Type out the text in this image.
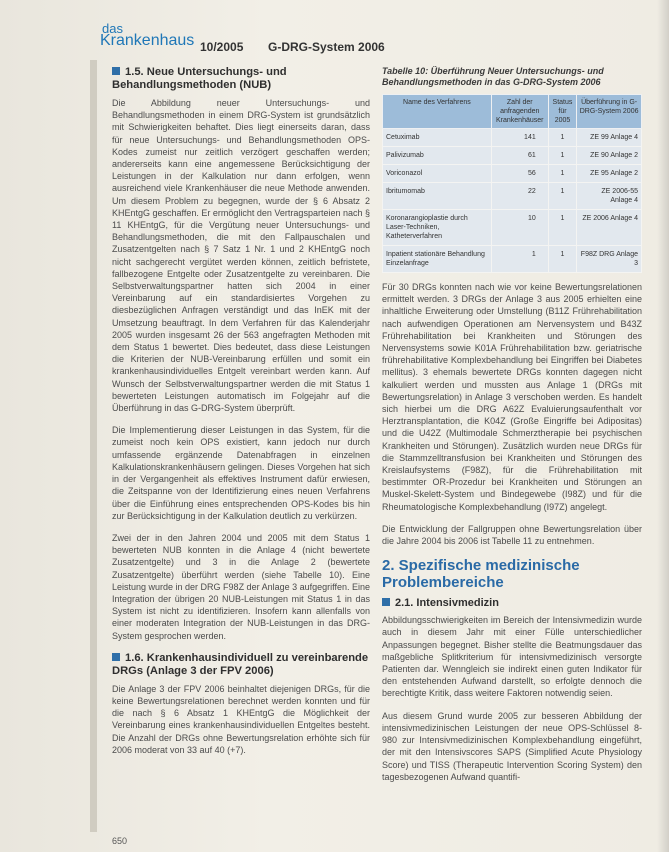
das
Krankenhaus 10/2005 G-DRG-System 2006
1.5. Neue Untersuchungs- und Behandlungsmethoden (NUB)

Die Abbildung neuer Untersuchungs- und Behandlungsmethoden in einem DRG-System ist grundsätzlich mit Schwierigkeiten behaftet. Dies liegt einerseits daran, dass für neue Untersuchungs- und Behandlungsmethoden OPS-Kodes zumeist nur zeitlich verzögert geschaffen werden; andererseits kann eine angemessene Berücksichtigung der Leistungen in der Kalkulation nur dann erfolgen, wenn ausreichend viele Krankenhäuser die neue Methode anwenden. Um diesem Problem zu begegnen, wurde der § 6 Absatz 2 KHEntgG geschaffen. Er ermöglicht den Vertragsparteien nach § 11 KHEntgG, für die Vergütung neuer Untersuchungs- und Behandlungsmethoden, die mit den Fallpauschalen und Zusatzentgelten nach § 7 Satz 1 Nr. 1 und 2 KHEntgG noch nicht sachgerecht vergütet werden können, zeitlich befristete, fallbezogene Entgelte oder Zusatzentgelte zu vereinbaren. Die Selbstverwaltungspartner hatten sich 2004 in einer Vereinbarung auf ein standardisiertes Vorgehen zu diesbezüglichen Anfragen verständigt und das InEK mit der Umsetzung beauftragt. In dem Verfahren für das Kalenderjahr 2005 wurden insgesamt 26 der 563 angefragten Methoden mit dem Status 1 bewertet. Dies bedeutet, dass diese Leistungen die Kriterien der NUB-Vereinbarung erfüllen und somit ein krankenhausindividuelles Entgelt vereinbart werden kann. Auf Wunsch der Selbstverwaltungspartner werden die mit Status 1 bewerteten Leistungen automatisch im Folgejahr auf die Überführung in das G-DRG-System überprüft.

Die Implementierung dieser Leistungen in das System, für die zumeist noch kein OPS existiert, kann jedoch nur durch umfassende ergänzende Datenabfragen in einzelnen Kalkulationskrankenhäusern gelingen. Dieses Vorgehen hat sich in der Vergangenheit als effektives Instrument dafür erwiesen, die Zeitspanne von der Identifizierung eines neuen Verfahrens über die Einführung eines entsprechenden OPS-Kodes bis hin zur Berücksichtigung in der Kalkulation deutlich zu verkürzen.

Zwei der in den Jahren 2004 und 2005 mit dem Status 1 bewerteten NUB konnten in die Anlage 4 (nicht bewertete Zusatzentgelte) und 3 in die Anlage 2 (bewertete Zusatzentgelte) überführt werden (siehe Tabelle 10). Eine Leistung wurde in der DRG F98Z der Anlage 3 aufgegriffen. Eine Integration der übrigen 20 NUB-Leistungen mit Status 1 in das System ist nicht zu identifizieren. Insofern kann allenfalls von einer moderaten Integration der NUB-Leistungen in das DRG-System gesprochen werden.

1.6. Krankenhausindividuell zu vereinbarende DRGs (Anlage 3 der FPV 2006)

Die Anlage 3 der FPV 2006 beinhaltet diejenigen DRGs, für die keine Bewertungsrelationen berechnet werden konnten und für die nach § 6 Absatz 1 KHEntgG die Möglichkeit der Vereinbarung eines krankenhausindividuellen Entgeltes besteht. Die Anzahl der DRGs ohne Bewertungsrelation erhöhte sich für 2006 moderat von 33 auf 40 (+7).

650
Tabelle 10: Überführung Neuer Untersuchungs- und Behandlungsmethoden in das G-DRG-System 2006
Name des Verfahrens	Zahl der anfragenden Krankenhäuser	Status für 2005	Überführung in G-DRG-System 2006
Cetuximab	141	1	ZE 99 Anlage 4
Palivizumab	61	1	ZE 90 Anlage 2
Voriconazol	56	1	ZE 95 Anlage 2
Ibritumomab	22	1	ZE 2006-55 Anlage 4
Koronarangioplastie durch Laser-Techniken, Katheterverfahren	10	1	ZE 2006 Anlage 4
Inpatient stationäre Behandlung Einzelanfrage	1	1	F98Z DRG Anlage 3

Für 30 DRGs konnten nach wie vor keine Bewertungsrelationen ermittelt werden. 3 DRGs der Anlage 3 aus 2005 erhielten eine inhaltliche Erweiterung oder Umstellung (B11Z Frührehabilitation nach aufwendigen Operationen am Nervensystem und B43Z Frührehabilitation bei Krankheiten und Störungen des Nervensystems sowie K01A Frührehabilitation bzw. geriatrische frührehabilitative Komplexbehandlung bei Eingriffen bei Diabetes mellitus). 3 ehemals bewertete DRGs konnten dagegen nicht kalkuliert werden und mussten aus Anlage 1 (DRGs mit Bewertungsrelation) in Anlage 3 verschoben werden. Es handelt sich hierbei um die DRG A62Z Evaluierungsaufenthalt vor Herztransplantation, die K04Z (Große Eingriffe bei Adipositas) und die U42Z (Multimodale Schmerztherapie bei psychischen Krankheiten und Störungen). Zusätzlich wurden neue DRGs für die Stammzelltransfusion bei Krankheiten und Störungen des Kreislaufsystems (F98Z), für die Frührehabilitation mit bestimmter OR-Prozedur bei Krankheiten und Störungen an Muskel-Skelett-System und Bindegewebe (I98Z) und für die Rheumatologische Komplexbehandlung (I97Z) angelegt.

Die Entwicklung der Fallgruppen ohne Bewertungsrelation über die Jahre 2004 bis 2006 ist Tabelle 11 zu entnehmen.

2. Spezifische medizinische Problembereiche
2.1. Intensivmedizin

Abbildungsschwierigkeiten im Bereich der Intensivmedizin wurde auch in diesem Jahr mit einer Fülle unterschiedlicher Anpassungen begegnet. Bisher stellte die Beatmungsdauer das maßgebliche Splitkriterium für intensivmedizinisch versorgte Patienten dar. Wenngleich sie indirekt einen guten Indikator für den entstehenden Aufwand darstellt, so erfolgte dennoch die berechtigte Kritik, dass weitere Faktoren notwendig seien.

Aus diesem Grund wurde 2005 zur besseren Abbildung der intensivmedizinischen Leistungen der neue OPS-Schlüssel 8-980 zur Intensivmedizinischen Komplexbehandlung eingeführt, der mit den Intensivscores SAPS (Simplified Acute Physiology Score) und TISS (Therapeutic Intervention Scoring System) den tagesbezogenen Aufwand quantifi-
